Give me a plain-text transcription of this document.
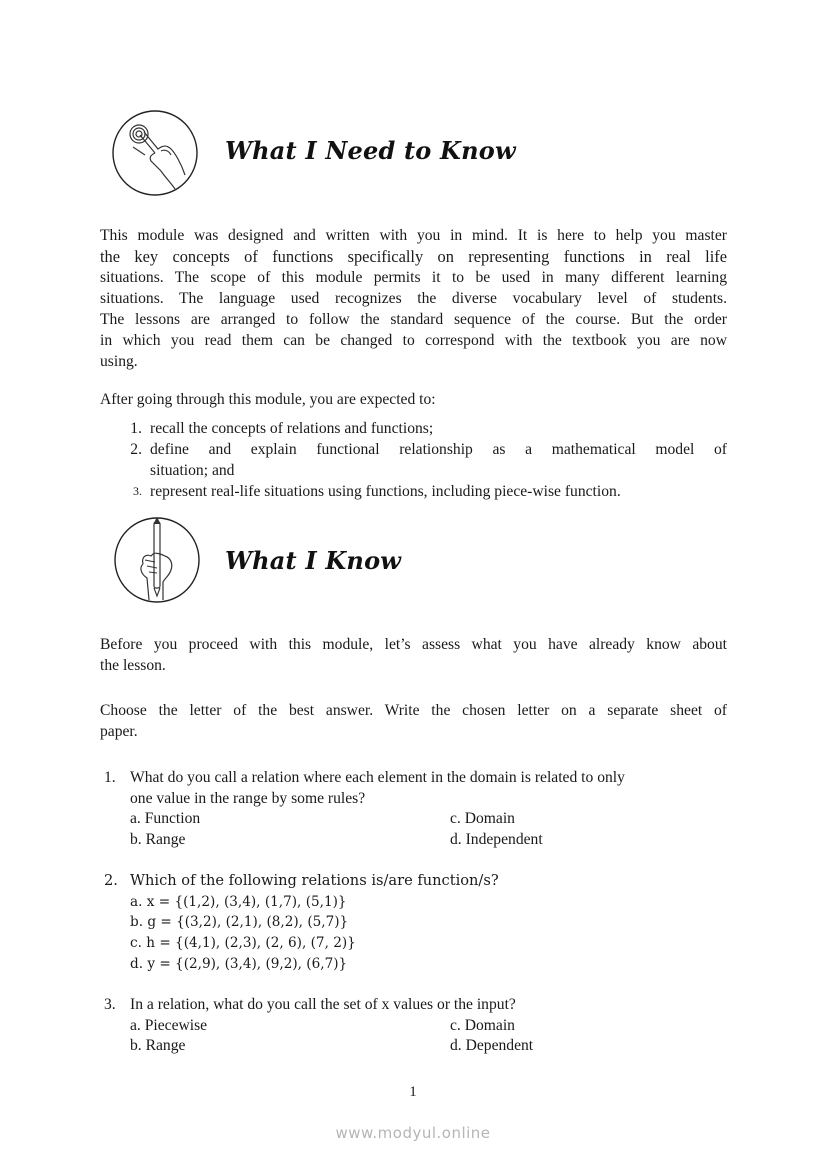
What I Need to Know
This module was designed and written with you in mind. It is here to help you master
the key concepts of functions specifically on representing functions in real life
situations. The scope of this module permits it to be used in many different learning
situations. The language used recognizes the diverse vocabulary level of students.
The lessons are arranged to follow the standard sequence of the course. But the order
in which you read them can be changed to correspond with the textbook you are now
using.
After going through this module, you are expected to:
1. recall the concepts of relations and functions;
2. define and explain functional relationship as a mathematical model of
situation; and
3. represent real-life situations using functions, including piece-wise function.
What I Know
Before you proceed with this module, let’s assess what you have already know about
the lesson.
Choose the letter of the best answer. Write the chosen letter on a separate sheet of
paper.
1. What do you call a relation where each element in the domain is related to only
one value in the range by some rules?
a. Function	c. Domain
b. Range	d. Independent
2. Which of the following relations is/are function/s?
a. x = {(1,2), (3,4), (1,7), (5,1)}
b. g = {(3,2), (2,1), (8,2), (5,7)}
c. h = {(4,1), (2,3), (2, 6), (7, 2)}
d. y = {(2,9), (3,4), (9,2), (6,7)}
3. In a relation, what do you call the set of x values or the input?
a. Piecewise	c. Domain
b. Range	d. Dependent
1
www.modyul.online
